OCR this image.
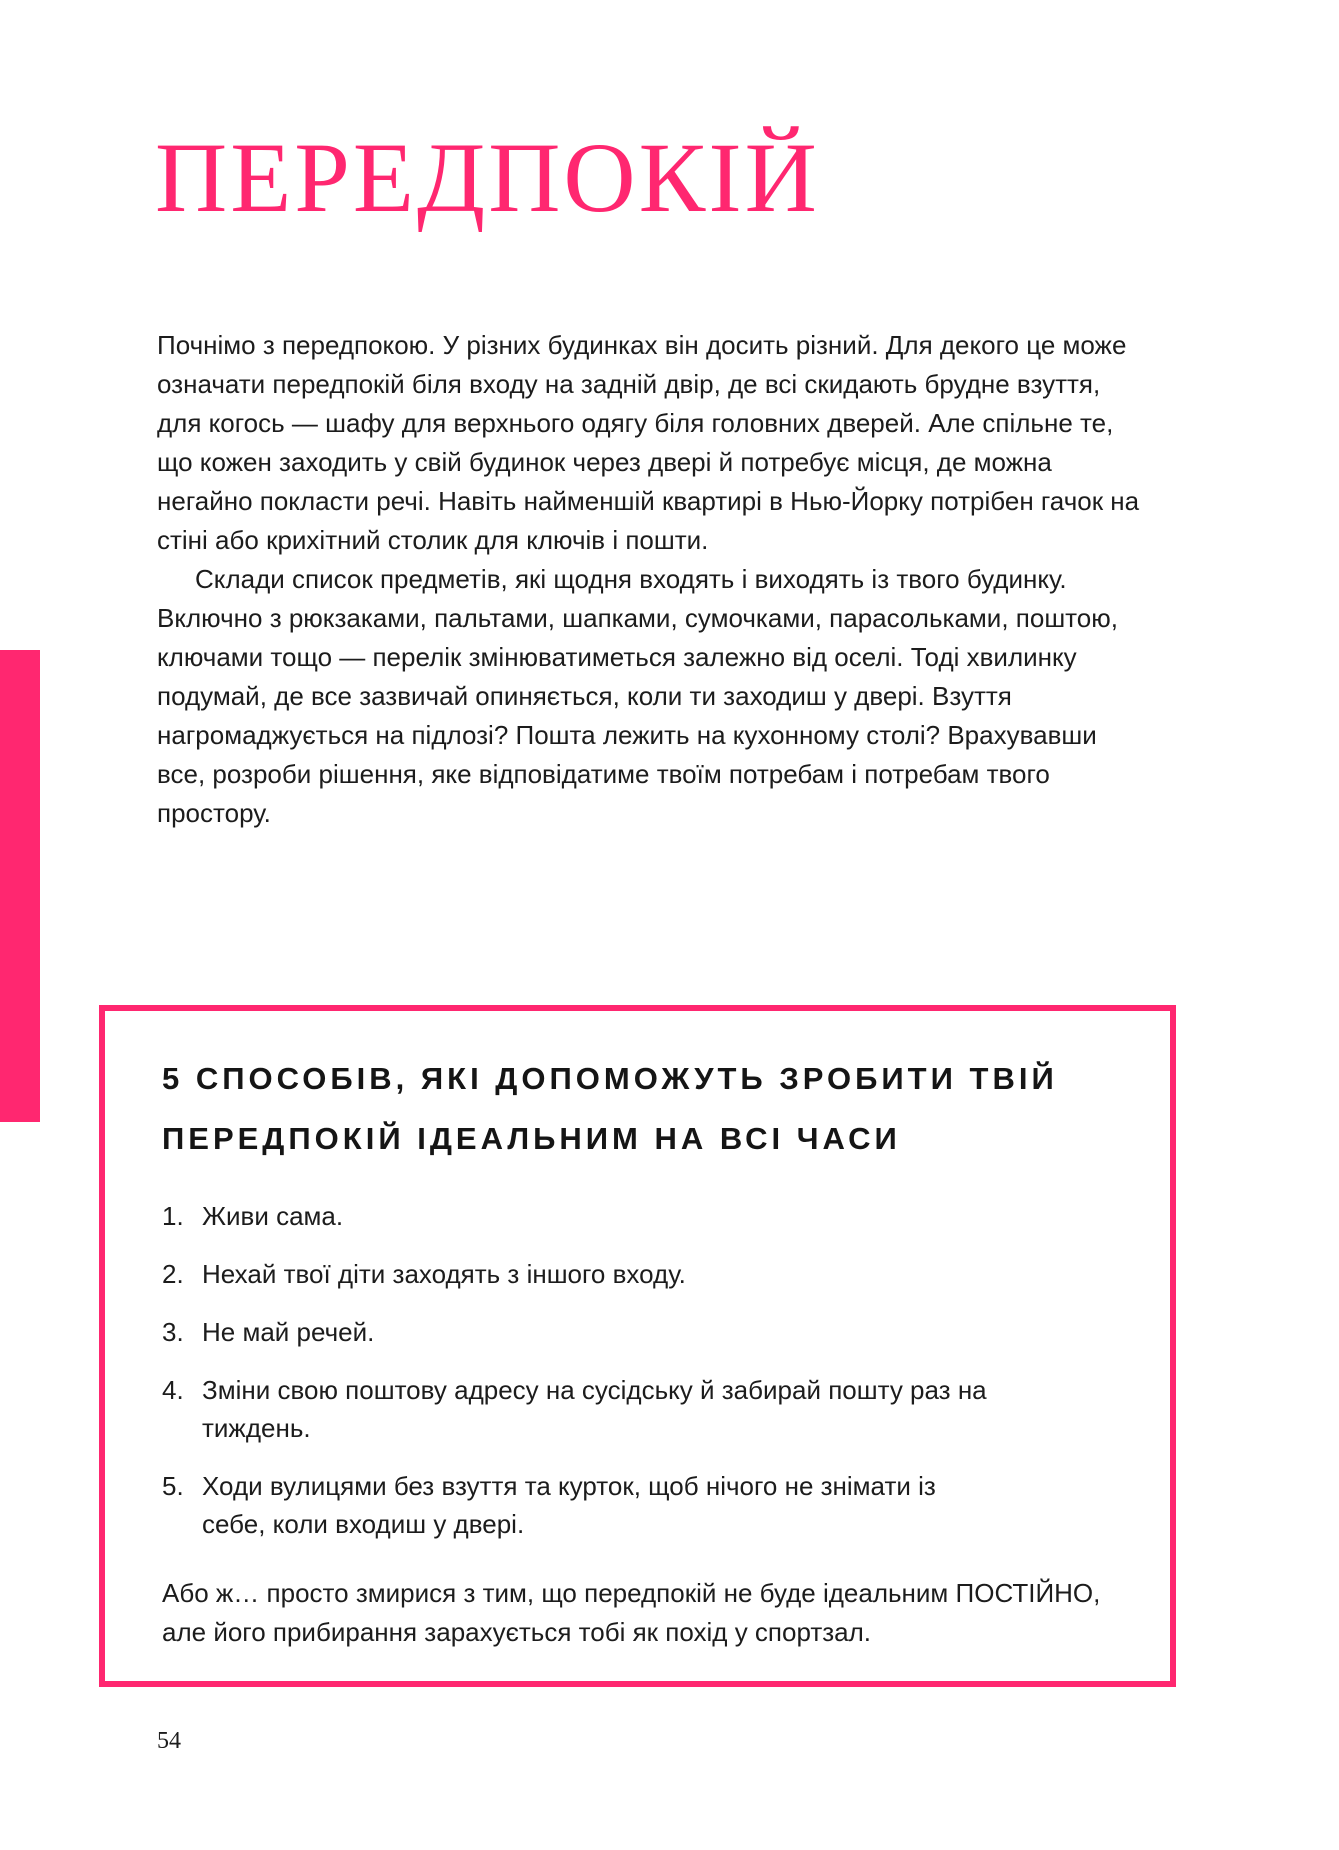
ПЕРЕДПОКІЙ

Почнімо з передпокою. У різних будинках він досить різний. Для декого це може означати передпокій біля входу на задній двір, де всі скидають брудне взуття, для когось — шафу для верхнього одягу біля головних дверей. Але спільне те, що кожен заходить у свій будинок через двері й потребує місця, де можна негайно покласти речі. Навіть найменшій квартирі в Нью-Йорку потрібен гачок на стіні або крихітний столик для ключів і пошти.

Склади список предметів, які щодня входять і виходять із твого будинку. Включно з рюкзаками, пальтами, шапками, сумочками, парасольками, поштою, ключами тощо — перелік змінюватиметься залежно від оселі. Тоді хвилинку подумай, де все зазвичай опиняється, коли ти заходиш у двері. Взуття нагромаджується на підлозі? Пошта лежить на кухонному столі? Врахувавши все, розроби рішення, яке відповідатиме твоїм потребам і потребам твого простору.

5 СПОСОБІВ, ЯКІ ДОПОМОЖУТЬ ЗРОБИТИ ТВІЙ ПЕРЕДПОКІЙ ІДЕАЛЬНИМ НА ВСІ ЧАСИ
1. Живи сама.
2. Нехай твої діти заходять з іншого входу.
3. Не май речей.
4. Зміни свою поштову адресу на сусідську й забирай пошту раз на тиждень.
5. Ходи вулицями без взуття та курток, щоб нічого не знімати із себе, коли входиш у двері.

Або ж… просто змирися з тим, що передпокій не буде ідеальним ПОСТІЙНО, але його прибирання зарахується тобі як похід у спортзал.

54
